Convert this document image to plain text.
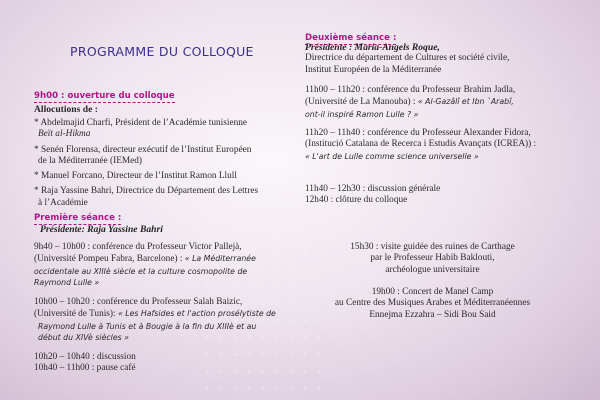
PROGRAMME DU COLLOQUE
9h00 : ouverture du colloque
Allocutions de :
* Abdelmajid Charfi, Président de l’Académie tunisienne
Beït al-Hikma
* Senén Florensa, directeur exécutif de l’Institut Européen
de la Méditerranée (IEMed)
* Manuel Forcano, Directeur de l’Institut Ramon Llull
* Raja Yassine Bahri, Directrice du Département des Lettres
à l’Académie
Première séance :
Présidente: Raja Yassine Bahri
9h40 – 10h00 : conférence du Professeur Victor Pallejà,
(Université Pompeu Fabra, Barcelone) : « La Méditerranée
occidentale au XIIIè siècle et la culture cosmopolite de
Raymond Lulle »
10h00 – 10h20 : conférence du Professeur Salah Baizic,
(Université de Tunis): « Les Hafsides et l'action prosélytiste de
Raymond Lulle à Tunis et à Bougie à la fin du XIIIè et au
début du XIVè siècles »
10h20 – 10h40 : discussion
10h40 – 11h00 : pause café
Deuxième séance :
Présidente : Maria-Angels Roque,
Directrice du département de Cultures et société civile,
Institut Européen de la Méditerranée
11h00 – 11h20 : conférence du Professeur Brahim Jadla,
(Université de La Manouba) : « Al-Gazâlî et Ibn `Arabî,
ont-il inspiré Ramon Lulle ? »
11h20 – 11h40 : conférence du Professeur Alexander Fidora,
(Institució Catalana de Recerca i Estudis Avançats (ICREA)) :
« L'art de Lulle comme science universelle »
11h40 – 12h30 : discussion générale
12h40 : clôture du colloque
15h30 : visite guidée des ruines de Carthage
par le Professeur Habib Baklouti,
archéologue universitaire
19h00 : Concert de Manel Camp
au Centre des Musiques Arabes et Méditerranéennes
Ennejma Ezzahra – Sidi Bou Said
